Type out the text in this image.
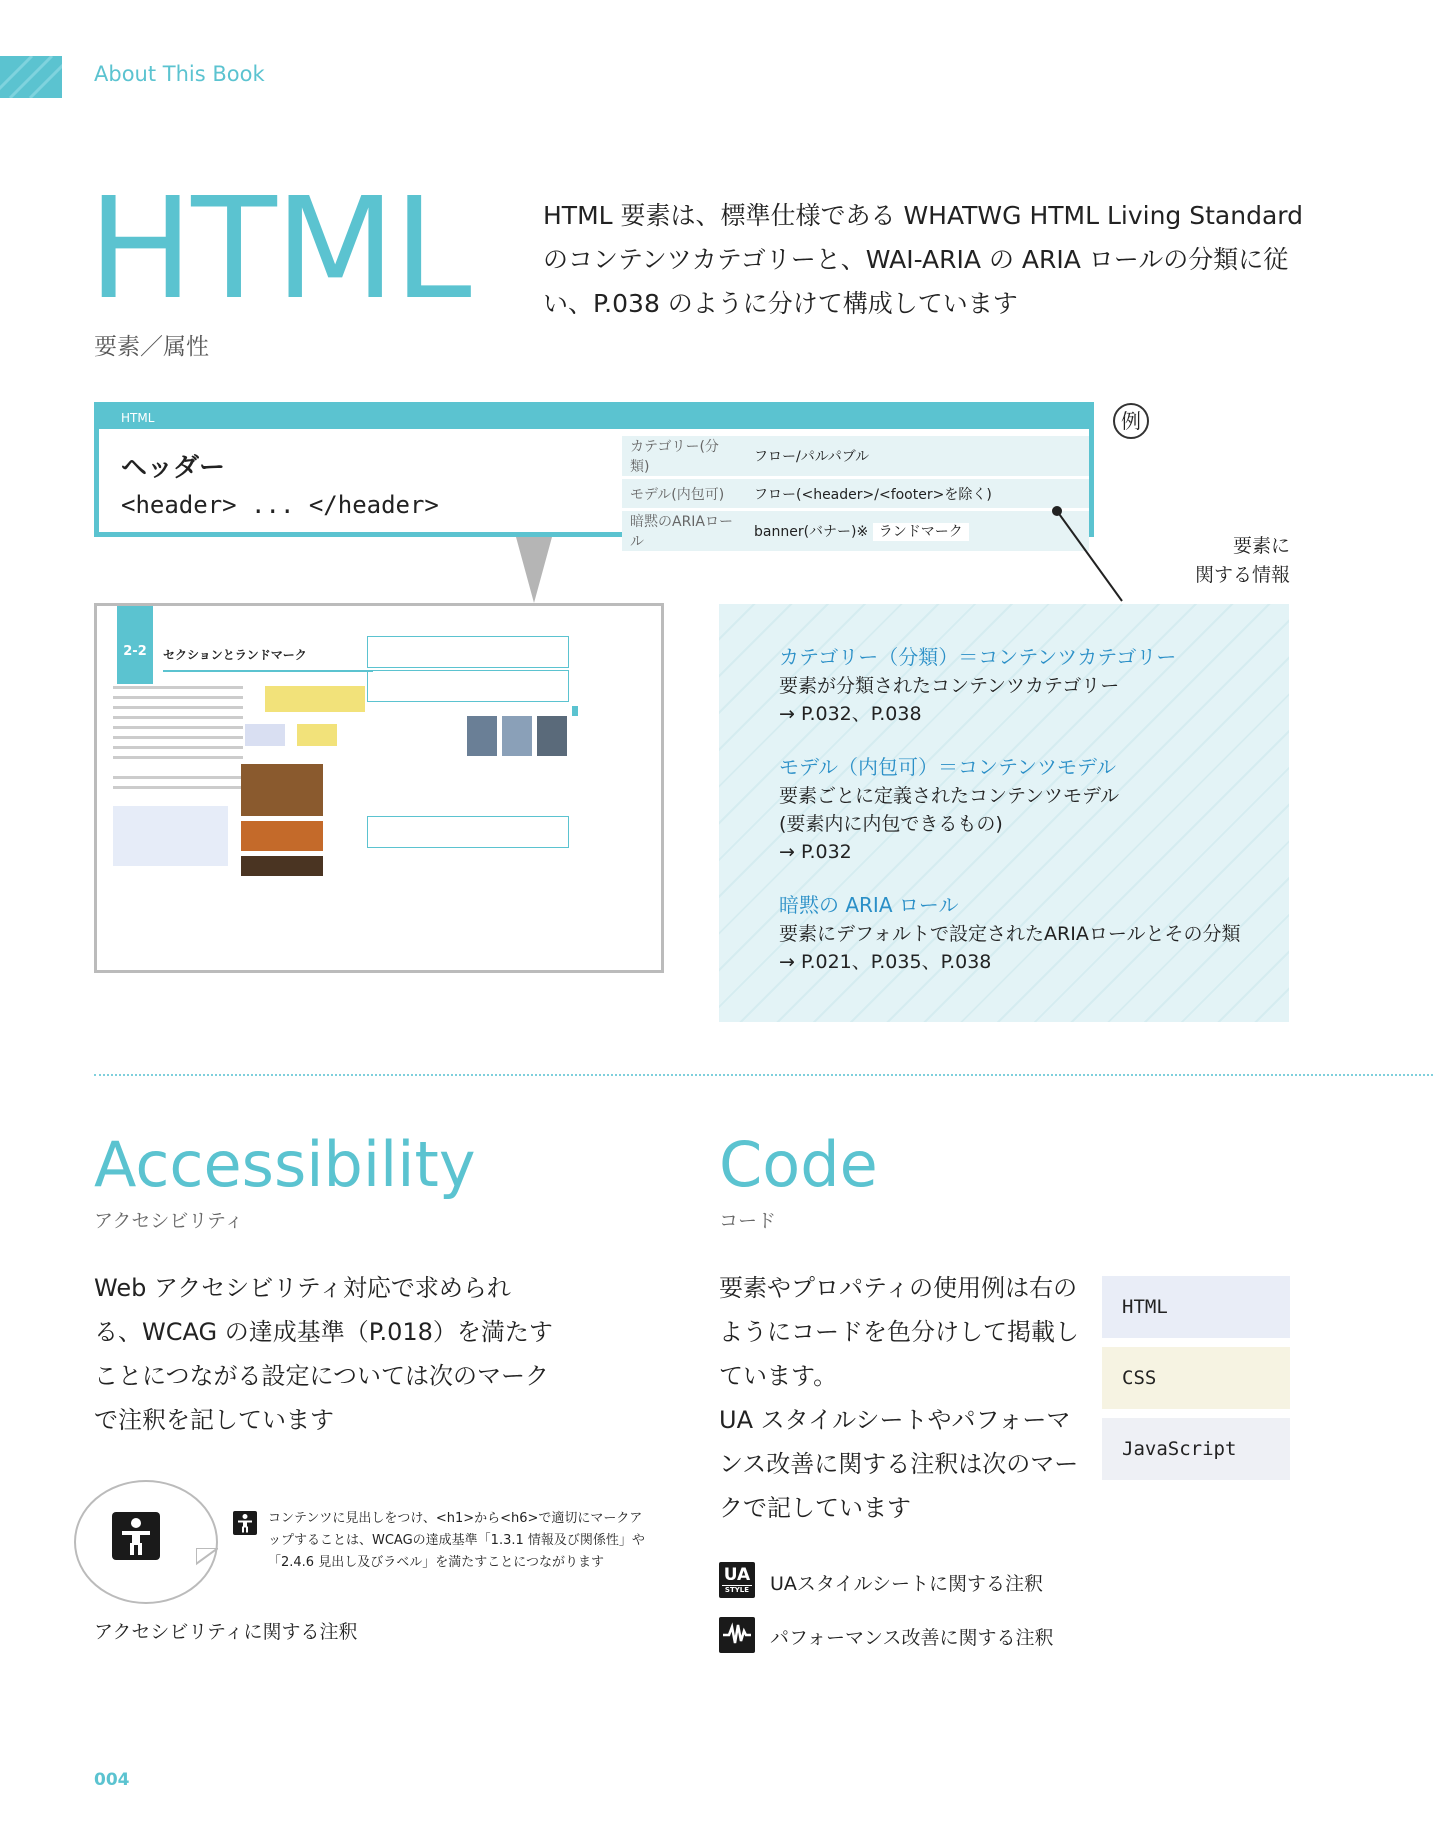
About This Book
HTML
要素／属性
HTML 要素は、標準仕様である WHATWG HTML Living Standard のコンテンツカテゴリーと、WAI-ARIA の ARIA ロールの分類に従い、P.038 のように分けて構成しています
HTML
ヘッダー
<header> ... </header>
カテゴリー(分類)	フロー/パルパブル
モデル(内包可)	フロー(<header>/<footer>を除く)
暗黙のARIAロール	banner(バナー)※ ランドマーク
例
要素に
関する情報
2-2	セクションとランドマーク	カテゴリー（分類）＝コンテンツカテゴリー

要素が分類されたコンテンツカテゴリー
→ P.032、P.038

モデル（内包可）＝コンテンツモデル

要素ごとに定義されたコンテンツモデル
(要素内に内包できるもの)
→ P.032

暗黙の ARIA ロール

要素にデフォルトで設定されたARIAロールとその分類
→ P.021、P.035、P.038

Accessibility
アクセシビリティ
Web アクセシビリティ対応で求められる、WCAG の達成基準（P.018）を満たすことにつながる設定については次のマークで注釈を記しています
コンテンツに見出しをつけ、<h1>から<h6>で適切にマークアップすることは、WCAGの達成基準「1.3.1 情報及び関係性」や「2.4.6 見出し及びラベル」を満たすことにつながります
アクセシビリティに関する注釈
Code
コード
要素やプロパティの使用例は右のようにコードを色分けして掲載しています。
UA スタイルシートやパフォーマンス改善に関する注釈は次のマークで記しています
HTML
CSS
JavaScript
UA
STYLE UAスタイルシートに関する注釈
パフォーマンス改善に関する注釈
004
